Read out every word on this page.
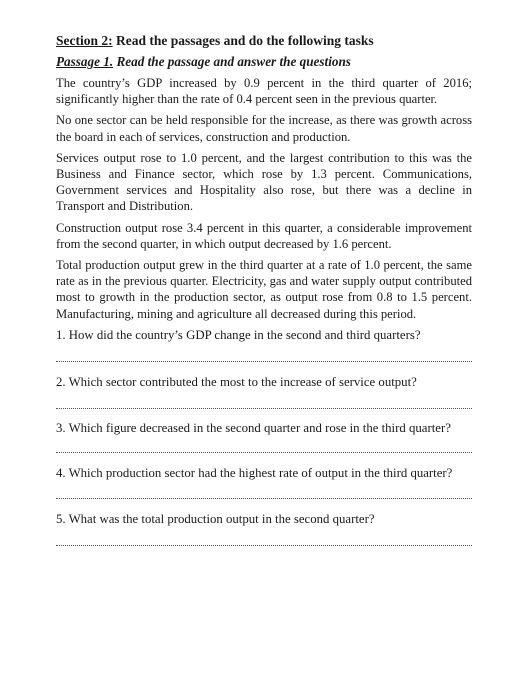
Section 2: Read the passages and do the following tasks
Passage 1. Read the passage and answer the questions

The country’s GDP increased by 0.9 percent in the third quarter of 2016; significantly higher than the rate of 0.4 percent seen in the previous quarter.

No one sector can be held responsible for the increase, as there was growth across the board in each of services, construction and production.

Services output rose to 1.0 percent, and the largest contribution to this was the Business and Finance sector, which rose by 1.3 percent. Communications, Government services and Hospitality also rose, but there was a decline in Transport and Distribution.

Construction output rose 3.4 percent in this quarter, a considerable improvement from the second quarter, in which output decreased by 1.6 percent.

Total production output grew in the third quarter at a rate of 1.0 percent, the same rate as in the previous quarter. Electricity, gas and water supply output contributed most to growth in the production sector, as output rose from 0.8 to 1.5 percent. Manufacturing, mining and agriculture all decreased during this period.

1. How did the country’s GDP change in the second and third quarters?

2. Which sector contributed the most to the increase of service output?

3. Which figure decreased in the second quarter and rose in the third quarter?

4. Which production sector had the highest rate of output in the third quarter?

5. What was the total production output in the second quarter?
